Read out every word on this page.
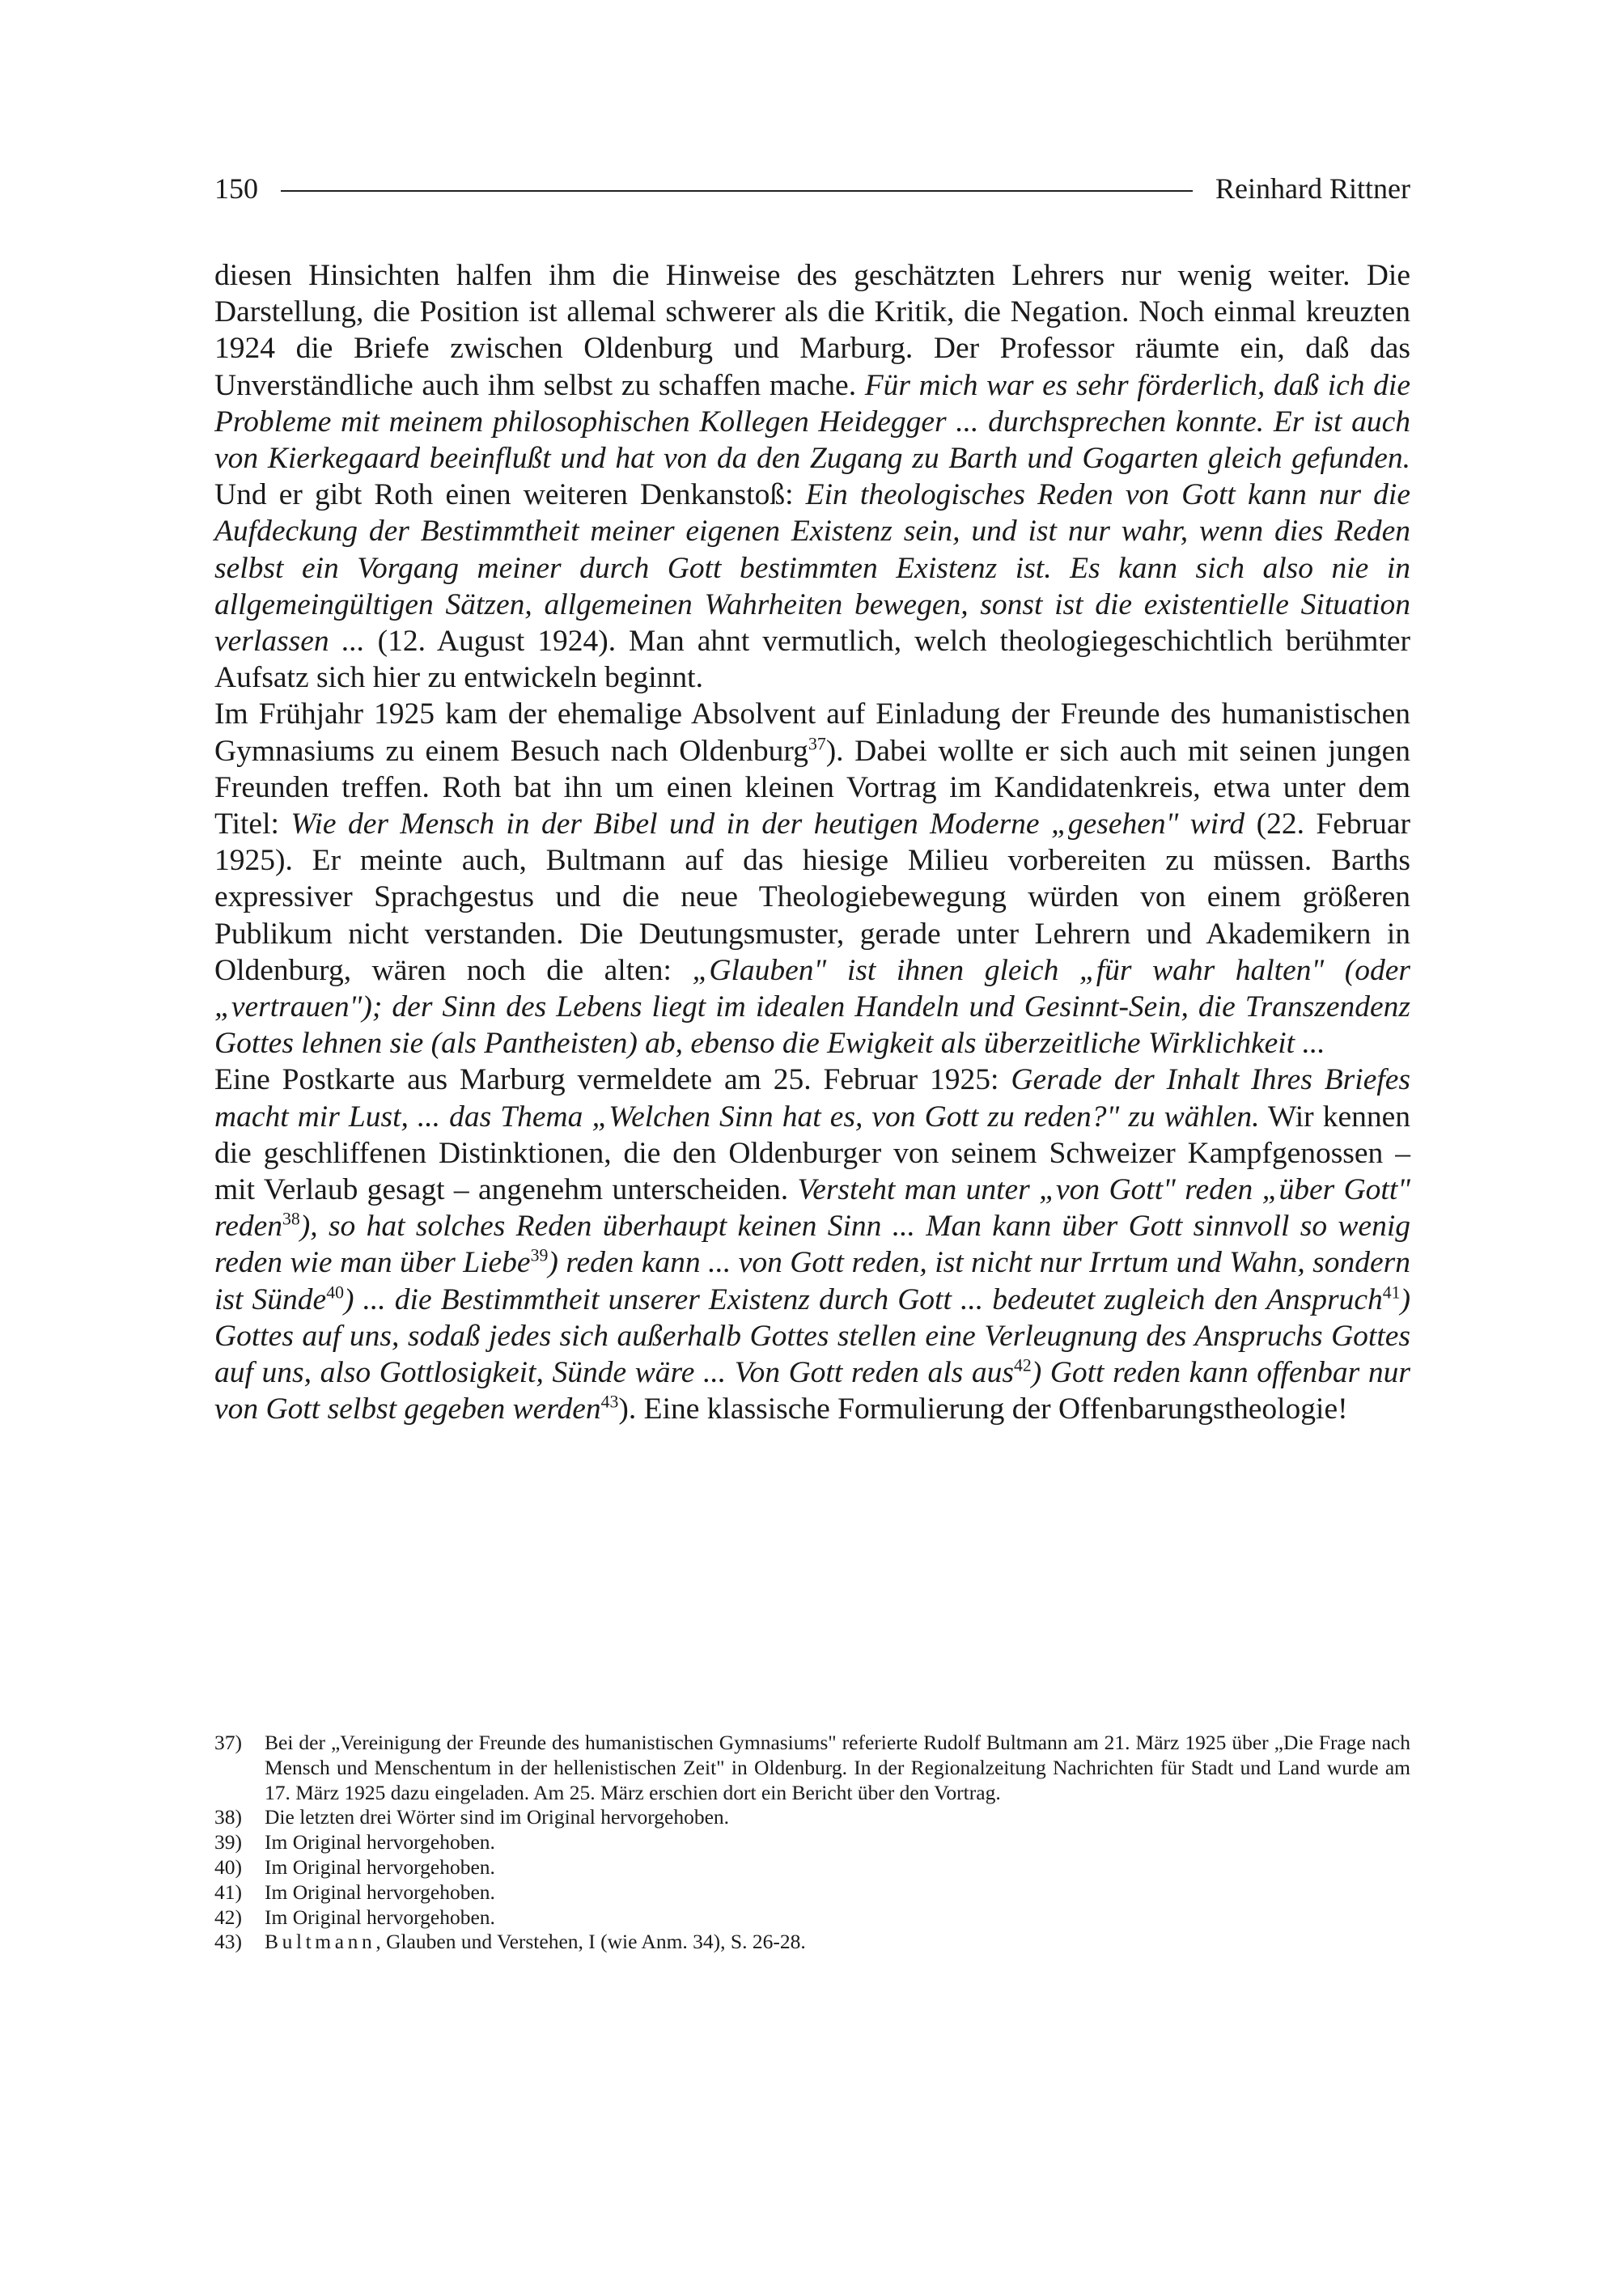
150	Reinhard Rittner

diesen Hinsichten halfen ihm die Hinweise des geschätzten Lehrers nur wenig weiter. Die Darstellung, die Position ist allemal schwerer als die Kritik, die Negation. Noch einmal kreuzten 1924 die Briefe zwischen Oldenburg und Marburg. Der Professor räumte ein, daß das Unverständliche auch ihm selbst zu schaffen mache. Für mich war es sehr förderlich, daß ich die Probleme mit meinem philosophischen Kollegen Heidegger ... durchsprechen konnte. Er ist auch von Kierkegaard beeinflußt und hat von da den Zugang zu Barth und Gogarten gleich gefunden. Und er gibt Roth einen weiteren Denkanstoß: Ein theologisches Reden von Gott kann nur die Aufdeckung der Bestimmtheit meiner eigenen Existenz sein, und ist nur wahr, wenn dies Reden selbst ein Vorgang meiner durch Gott bestimmten Existenz ist. Es kann sich also nie in allgemeingültigen Sätzen, allgemeinen Wahrheiten bewegen, sonst ist die existentielle Situation verlassen ... (12. August 1924). Man ahnt vermutlich, welch theologiegeschichtlich berühmter Aufsatz sich hier zu entwickeln beginnt.

Im Frühjahr 1925 kam der ehemalige Absolvent auf Einladung der Freunde des humanistischen Gymnasiums zu einem Besuch nach Oldenburg$^{37}$). Dabei wollte er sich auch mit seinen jungen Freunden treffen. Roth bat ihn um einen kleinen Vortrag im Kandidatenkreis, etwa unter dem Titel: Wie der Mensch in der Bibel und in der heutigen Moderne „gesehen" wird (22. Februar 1925). Er meinte auch, Bultmann auf das hiesige Milieu vorbereiten zu müssen. Barths expressiver Sprachgestus und die neue Theologiebewegung würden von einem größeren Publikum nicht verstanden. Die Deutungsmuster, gerade unter Lehrern und Akademikern in Oldenburg, wären noch die alten: „Glauben" ist ihnen gleich „für wahr halten" (oder „vertrauen"); der Sinn des Lebens liegt im idealen Handeln und Gesinnt-Sein, die Transzendenz Gottes lehnen sie (als Pantheisten) ab, ebenso die Ewigkeit als überzeitliche Wirklichkeit ...

Eine Postkarte aus Marburg vermeldete am 25. Februar 1925: Gerade der Inhalt Ihres Briefes macht mir Lust, ... das Thema „Welchen Sinn hat es, von Gott zu reden?" zu wählen. Wir kennen die geschliffenen Distinktionen, die den Oldenburger von seinem Schweizer Kampfgenossen – mit Verlaub gesagt – angenehm unterscheiden. Versteht man unter „von Gott" reden „über Gott" reden$^{38}$), so hat solches Reden überhaupt keinen Sinn ... Man kann über Gott sinnvoll so wenig reden wie man über Liebe$^{39}$) reden kann ... von Gott reden, ist nicht nur Irrtum und Wahn, sondern ist Sünde$^{40}$) ... die Bestimmtheit unserer Existenz durch Gott ... bedeutet zugleich den Anspruch$^{41}$) Gottes auf uns, sodaß jedes sich außerhalb Gottes stellen eine Verleugnung des Anspruchs Gottes auf uns, also Gottlosigkeit, Sünde wäre ... Von Gott reden als aus$^{42}$) Gott reden kann offenbar nur von Gott selbst gegeben werden$^{43}$). Eine klassische Formulierung der Offenbarungstheologie!

37)	Bei der „Vereinigung der Freunde des humanistischen Gymnasiums" referierte Rudolf Bultmann am 21. März 1925 über „Die Frage nach Mensch und Menschentum in der hellenistischen Zeit" in Oldenburg. In der Regionalzeitung Nachrichten für Stadt und Land wurde am 17. März 1925 dazu eingeladen. Am 25. März erschien dort ein Bericht über den Vortrag.
38)	Die letzten drei Wörter sind im Original hervorgehoben.
39)	Im Original hervorgehoben.
40)	Im Original hervorgehoben.
41)	Im Original hervorgehoben.
42)	Im Original hervorgehoben.
43)	Bultmann, Glauben und Verstehen, I (wie Anm. 34), S. 26-28.
